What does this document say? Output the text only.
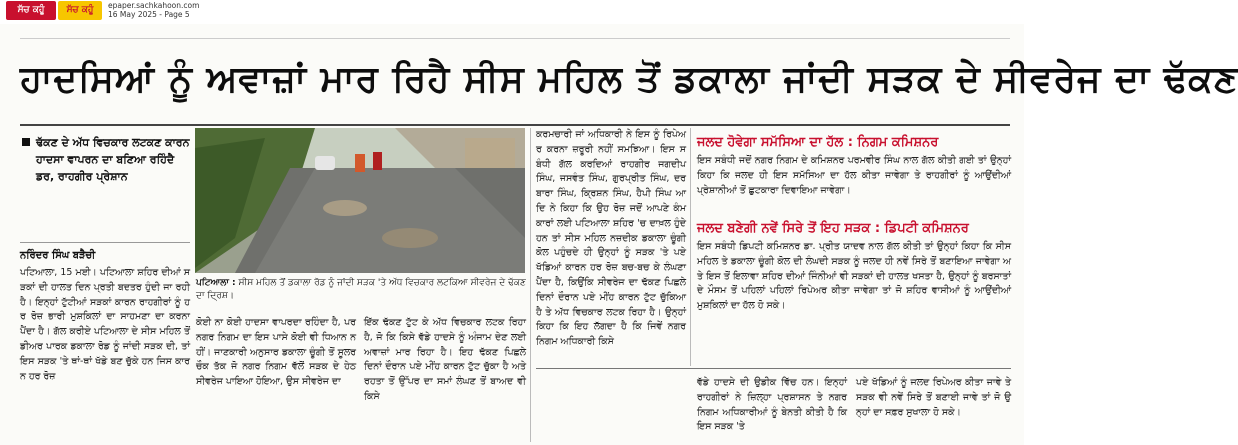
ਸੱਚ ਕਹੂੰ	ਸੱਚ ਕਹੂੰ	epaper.sachkahoon.com
16 May 2025 - Page 5
ਹਾਦਸਿਆਂ ਨੂੰ ਅਵਾਜ਼ਾਂ ਮਾਰ ਰਿਹੈ ਸੀਸ ਮਹਿਲ ਤੋਂ ਡਕਾਲਾ ਜਾਂਦੀ ਸੜਕ ਦੇ ਸੀਵਰੇਜ ਦਾ ਢੱਕਣ
ਢੱਕਣ ਦੇ ਅੱਧ ਵਿਚਕਾਰ ਲਟਕਣ ਕਾਰਨ ਹਾਦਸਾ ਵਾਪਰਨ ਦਾ ਬਣਿਆ ਰਹਿੰਦੈ ਡਰ, ਰਾਹਗੀਰ ਪ੍ਰੇਸ਼ਾਨ
ਨਰਿੰਦਰ ਸਿੰਘ ਬੜੈਚੀ
ਪਟਿਆਲਾ, 15 ਮਈ। ਪਟਿਆਲਾ ਸ਼ਹਿਰ ਦੀਆਂ ਸੜਕਾਂ ਦੀ ਹਾਲਤ ਦਿਨ ਪ੍ਰਤੀ ਬਦਤਰ ਹੁੰਦੀ ਜਾ ਰਹੀ ਹੈ। ਇਨ੍ਹਾਂ ਟੁੱਟੀਆਂ ਸੜਕਾਂ ਕਾਰਨ ਰਾਹਗੀਰਾਂ ਨੂੰ ਹਰ ਰੋਜ਼ ਭਾਰੀ ਮੁਸ਼ਕਿਲਾਂ ਦਾ ਸਾਹਮਣਾ ਦਾ ਕਰਨਾ ਪੈਂਦਾ ਹੈ। ਗੱਲ ਕਰੀਏ ਪਟਿਆਲਾ ਦੇ ਸੀਸ ਮਹਿਲ ਤੋਂ ਡੀਅਰ ਪਾਰਕ ਡਕਾਲਾ ਰੋਡ ਨੂੰ ਜਾਂਦੀ ਸੜਕ ਦੀ, ਤਾਂ ਇਸ ਸੜਕ 'ਤੇ ਥਾਂ-ਥਾਂ ਖੱਡੇ ਬਣ ਚੁੱਕੇ ਹਨ ਜਿਸ ਕਾਰਨ ਹਰ ਰੋਜ਼
ਪਟਿਆਲਾ : ਸੀਸ ਮਹਿਲ ਤੋਂ ਡਕਾਲਾ ਰੋਡ ਨੂੰ ਜਾਂਦੀ ਸੜਕ 'ਤੇ ਅੱਧ ਵਿਚਕਾਰ ਲਟਕਿਆ ਸੀਵਰੇਜ ਦੇ ਢੱਕਣ ਦਾ ਦ੍ਰਿਸ਼।
ਕੋਈ ਨਾ ਕੋਈ ਹਾਦਸਾ ਵਾਪਰਦਾ ਰਹਿੰਦਾ ਹੈ, ਪਰ ਨਗਰ ਨਿਗਮ ਦਾ ਇਸ ਪਾਸੇ ਕੋਈ ਵੀ ਧਿਆਨ ਨਹੀਂ। ਜਾਣਕਾਰੀ ਅਨੁਸਾਰ ਡਕਾਲਾ ਚੂੰਗੀ ਤੋਂ ਸੂਲਰ ਚੌਕ ਤੱਕ ਜੋ ਨਗਰ ਨਿਗਮ ਵੱਲੋਂ ਸੜਕ ਦੇ ਹੇਠ ਸੀਵਰੇਜ ਪਾਇਆ ਹੋਇਆ, ਉਸ ਸੀਵਰੇਜ ਦਾ
ਇੱਕ ਢੱਕਣ ਟੁੱਟ ਕੇ ਅੱਧ ਵਿਚਕਾਰ ਲਟਕ ਰਿਹਾ ਹੈ, ਜੋ ਕਿ ਕਿਸੇ ਵੱਡੇ ਹਾਦਸੇ ਨੂੰ ਅੰਜਾਮ ਦੇਣ ਲਈ ਅਵਾਜ਼ਾਂ ਮਾਰ ਰਿਹਾ ਹੈ। ਇਹ ਢੱਕਣ ਪਿਛਲੇ ਦਿਨਾਂ ਦੌਰਾਨ ਪਏ ਮੀਂਹ ਕਾਰਨ ਟੁੱਟ ਚੁੱਕਾ ਹੈ ਅਤੇ ਰਹਤਾ ਤੋਂ ਉੱਪਰ ਦਾ ਸਮਾਂ ਲੰਘਣ ਤੋਂ ਬਾਅਦ ਵੀ ਕਿਸੇ
ਕਰਮਚਾਰੀ ਜਾਂ ਅਧਿਕਾਰੀ ਨੇ ਇਸ ਨੂੰ ਰਿਪੇਅਰ ਕਰਨਾ ਜ਼ਰੂਰੀ ਨਹੀਂ ਸਮਝਿਆ। ਇਸ ਸਬੰਧੀ ਗੱਲ ਕਰਦਿਆਂ ਰਾਹਗੀਰ ਜਗਦੀਪ ਸਿੰਘ, ਜਸਵੰਤ ਸਿੰਘ, ਗੁਰਪ੍ਰੀਤ ਸਿੰਘ, ਦਰਬਾਰਾ ਸਿੰਘ, ਕ੍ਰਿਸ਼ਨ ਸਿੰਘ, ਹੈਪੀ ਸਿੰਘ ਆਦਿ ਨੇ ਕਿਹਾ ਕਿ ਉਹ ਰੋਜ਼ ਜਦੋਂ ਆਪਣੇ ਕੰਮਕਾਰਾਂ ਲਈ ਪਟਿਆਲਾ ਸ਼ਹਿਰ 'ਚ ਦਾਖ਼ਲ ਹੁੰਦੇ ਹਨ ਤਾਂ ਸੀਸ ਮਹਿਲ ਨਜ਼ਦੀਕ ਡਕਾਲਾ ਚੂੰਗੀ ਕੋਲ ਪਹੁੰਚਦੇ ਹੀ ਉਨ੍ਹਾਂ ਨੂੰ ਸੜਕ 'ਤੇ ਪਏ ਖੱਡਿਆਂ ਕਾਰਨ ਹਰ ਰੋਜ਼ ਬਚ-ਬਚ ਕੇ ਲੰਘਣਾ ਪੈਂਦਾ ਹੈ, ਕਿਉਂਕਿ ਸੀਵਰੇਜ ਦਾ ਢੱਕਣ ਪਿਛਲੇ ਦਿਨਾਂ ਦੌਰਾਨ ਪਏ ਮੀਂਹ ਕਾਰਨ ਟੁੱਟ ਚੁੱਕਿਆ ਹੈ ਤੇ ਅੱਧ ਵਿਚਕਾਰ ਲਟਕ ਰਿਹਾ ਹੈ। ਉਨ੍ਹਾਂ ਕਿਹਾ ਕਿ ਇਹ ਲੱਗਦਾ ਹੈ ਕਿ ਜਿਵੇਂ ਨਗਰ ਨਿਗਮ ਅਧਿਕਾਰੀ ਕਿਸੇ
ਜਲਦ ਹੋਵੇਗਾ ਸਮੱਸਿਆ ਦਾ ਹੱਲ : ਨਿਗਮ ਕਮਿਸ਼ਨਰ
ਇਸ ਸਬੰਧੀ ਜਦੋਂ ਨਗਰ ਨਿਗਮ ਦੇ ਕਮਿਸ਼ਨਰ ਪਰਮਵੀਰ ਸਿੰਘ ਨਾਲ ਗੱਲ ਕੀਤੀ ਗਈ ਤਾਂ ਉਨ੍ਹਾਂ ਕਿਹਾ ਕਿ ਜਲਦ ਹੀ ਇਸ ਸਮੱਸਿਆ ਦਾ ਹੱਲ ਕੀਤਾ ਜਾਵੇਗਾ ਤੇ ਰਾਹਗੀਰਾਂ ਨੂੰ ਆਉਂਦੀਆਂ ਪ੍ਰੇਸ਼ਾਨੀਆਂ ਤੋਂ ਛੁਟਕਾਰਾ ਦਿਵਾਇਆ ਜਾਵੇਗਾ।
ਜਲਦ ਬਣੇਗੀ ਨਵੇਂ ਸਿਰੇ ਤੋਂ ਇਹ ਸੜਕ : ਡਿਪਟੀ ਕਮਿਸ਼ਨਰ
ਇਸ ਸਬੰਧੀ ਡਿਪਟੀ ਕਮਿਸ਼ਨਰ ਡਾ. ਪ੍ਰੀਤ ਯਾਦਵ ਨਾਲ ਗੱਲ ਕੀਤੀ ਤਾਂ ਉਨ੍ਹਾਂ ਕਿਹਾ ਕਿ ਸੀਸ ਮਹਿਲ ਤੇ ਡਕਾਲਾ ਚੂੰਗੀ ਕੋਲ ਦੀ ਲੰਘਦੀ ਸੜਕ ਨੂੰ ਜਲਦ ਹੀ ਨਵੇਂ ਸਿਰੇ ਤੋਂ ਬਣਾਇਆ ਜਾਵੇਗਾ ਅਤੇ ਇਸ ਤੋਂ ਇਲਾਵਾ ਸ਼ਹਿਰ ਦੀਆਂ ਜਿੰਨੀਆਂ ਵੀ ਸੜਕਾਂ ਦੀ ਹਾਲਤ ਖਸਤਾ ਹੈ, ਉਨ੍ਹਾਂ ਨੂੰ ਬਰਸਾਤਾਂ ਦੇ ਮੌਸਮ ਤੋਂ ਪਹਿਲਾਂ ਪਹਿਲਾਂ ਰਿਪੇਅਰ ਕੀਤਾ ਜਾਵੇਗਾ ਤਾਂ ਜੋ ਸ਼ਹਿਰ ਵਾਸੀਆਂ ਨੂੰ ਆਉਂਦੀਆਂ ਮੁਸ਼ਕਿਲਾਂ ਦਾ ਹੱਲ ਹੋ ਸਕੇ।
ਵੱਡੇ ਹਾਦਸੇ ਦੀ ਉਡੀਕ ਵਿੱਚ ਹਨ। ਇਨ੍ਹਾਂ ਰਾਹਗੀਰਾਂ ਨੇ ਜ਼ਿਲ੍ਹਾ ਪ੍ਰਸ਼ਾਸਨ ਤੇ ਨਗਰ ਨਿਗਮ ਅਧਿਕਾਰੀਆਂ ਨੂੰ ਬੇਨਤੀ ਕੀਤੀ ਹੈ ਕਿ ਇਸ ਸੜਕ 'ਤੇ
ਪਏ ਖੱਡਿਆਂ ਨੂੰ ਜਲਦ ਰਿਪੇਅਰ ਕੀਤਾ ਜਾਵੇ ਤੇ ਸੜਕ ਵੀ ਨਵੇਂ ਸਿਰੇ ਤੋਂ ਬਣਾਈ ਜਾਵੇ ਤਾਂ ਜੋ ਉਨ੍ਹਾਂ ਦਾ ਸਫ਼ਰ ਸੁਖਾਲਾ ਹੋ ਸਕੇ।
